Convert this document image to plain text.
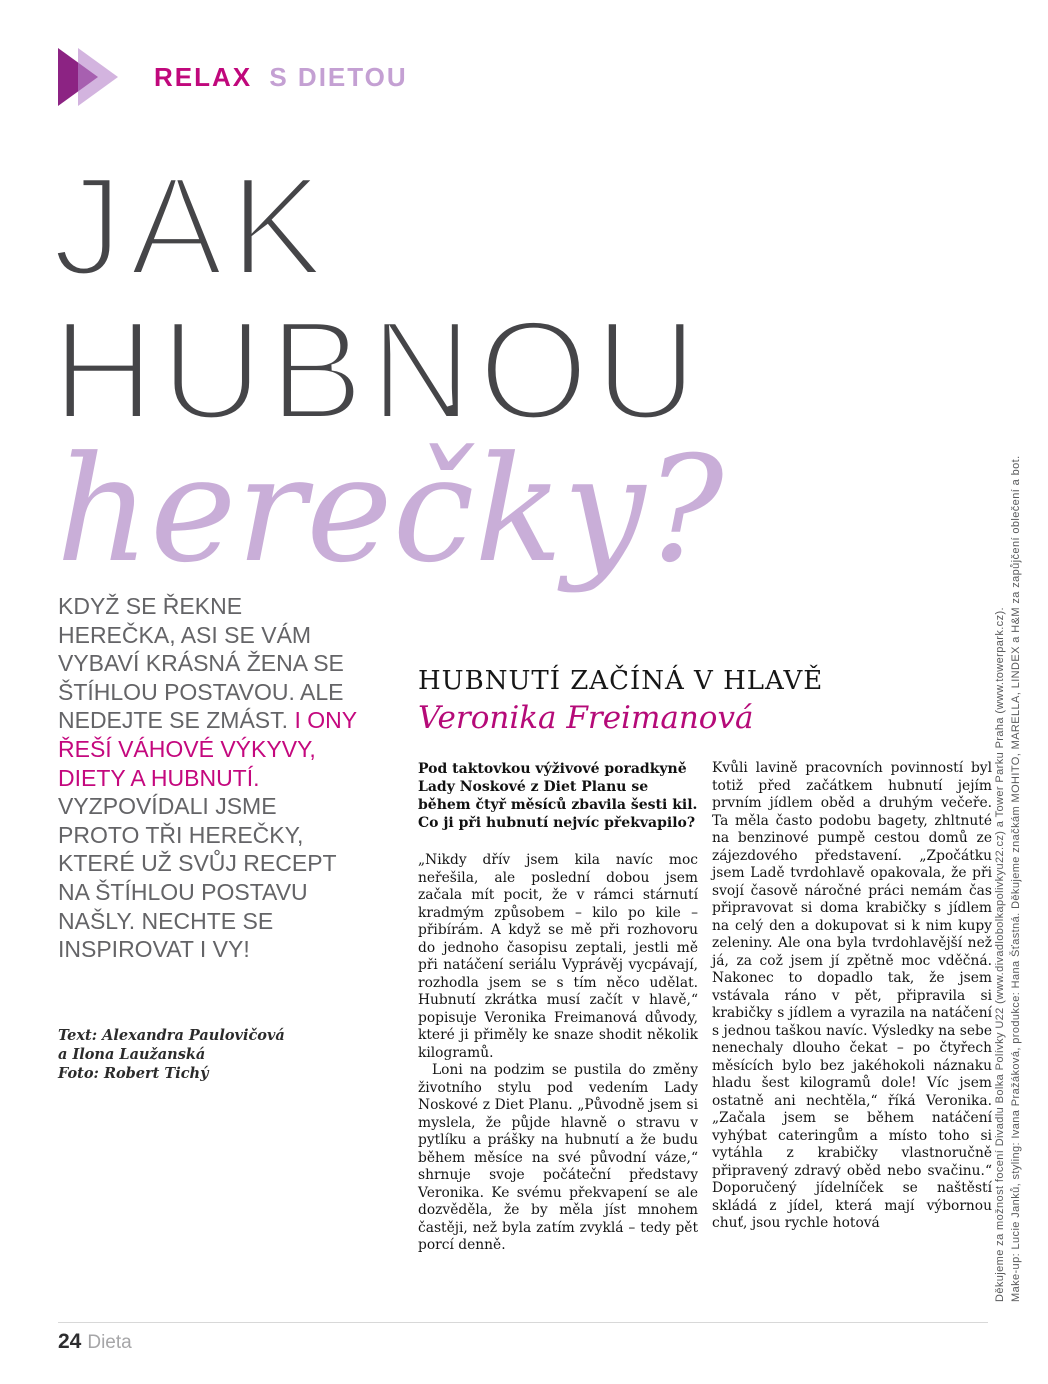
RELAX S DIETOU
JAK
HUBNOU
herečky?

KDYŽ SE ŘEKNE HEREČKA, ASI SE VÁM VYBAVÍ KRÁSNÁ ŽENA SE ŠTÍHLOU POSTAVOU. ALE NEDEJTE SE ZMÁST. I ONY ŘEŠÍ VÁHOVÉ VÝKYVY, DIETY A HUBNUTÍ. VYZPOVÍDALI JSME PROTO TŘI HEREČKY, KTERÉ UŽ SVŮJ RECEPT NA ŠTÍHLOU POSTAVU NAŠLY. NECHTE SE INSPIROVAT I VY!

Text: Alexandra Paulovičová
a Ilona Laužanská
Foto: Robert Tichý
HUBNUTÍ ZAČÍNÁ V HLAVĚ
Veronika Freimanová

Pod taktovkou výživové poradkyně Lady Noskové z Diet Planu se během čtyř měsíců zbavila šesti kil. Co ji při hubnutí nejvíc překvapilo?

„Nikdy dřív jsem kila navíc moc neřešila, ale poslední dobou jsem začala mít pocit, že v rámci stárnutí kradmým způsobem – kilo po kile – přibírám. A když se mě při rozhovoru do jednoho časopisu zeptali, jestli mě při natáčení seriálu Vyprávěj vycpávají, rozhodla jsem se s tím něco udělat. Hubnutí zkrátka musí začít v hlavě,“ popisuje Veronika Freimanová důvody, které ji přiměly ke snaze shodit několik kilogramů.

Loni na podzim se pustila do změny životního stylu pod vedením Lady Noskové z Diet Planu. „Původně jsem si myslela, že půjde hlavně o stravu v pytlíku a prášky na hubnutí a že budu během měsíce na své původní váze,“ shrnuje svoje počáteční představy Veronika. Ke svému překvapení se ale dozvěděla, že by měla jíst mnohem častěji, než byla zatím zvyklá – tedy pět porcí denně.

Kvůli lavině pracovních povinností byl totiž před začátkem hubnutí jejím prvním jídlem oběd a druhým večeře. Ta měla často podobu bagety, zhltnuté na benzinové pumpě cestou domů ze zájezdového představení. „Zpočátku jsem Ladě tvrdohlavě opakovala, že při svojí časově náročné práci nemám čas připravovat si doma krabičky s jídlem na celý den a dokupovat si k nim kupy zeleniny. Ale ona byla tvrdohlavější než já, za což jsem jí zpětně moc vděčná. Nakonec to dopadlo tak, že jsem vstávala ráno v pět, připravila si krabičky s jídlem a vyrazila na natáčení s jednou taškou navíc. Výsledky na sebe nenechaly dlouho čekat – po čtyřech měsících bylo bez jakéhokoli náznaku hladu šest kilogramů dole! Víc jsem ostatně ani nechtěla,“ říká Veronika. „Začala jsem se během natáčení vyhýbat cateringům a místo toho si vytáhla z krabičky vlastnoručně připravený zdravý oběd nebo svačinu.“ Doporučený jídelníček se naštěstí skládá z jídel, která mají výbornou chuť, jsou rychle hotová	Make-up: Lucie Janků, styling: Ivana Pražáková, produkce: Hana Šťastná. Děkujeme značkám MOHITO, MARELLA, LINDEX a H&M za zapůjčení oblečení a bot.
Děkujeme za možnost focení Divadlu Bolka Polívky U22 (www.divadlobolkapolivkyu22.cz) a Tower Parku Praha (www.towerpark.cz).
24 Dieta
